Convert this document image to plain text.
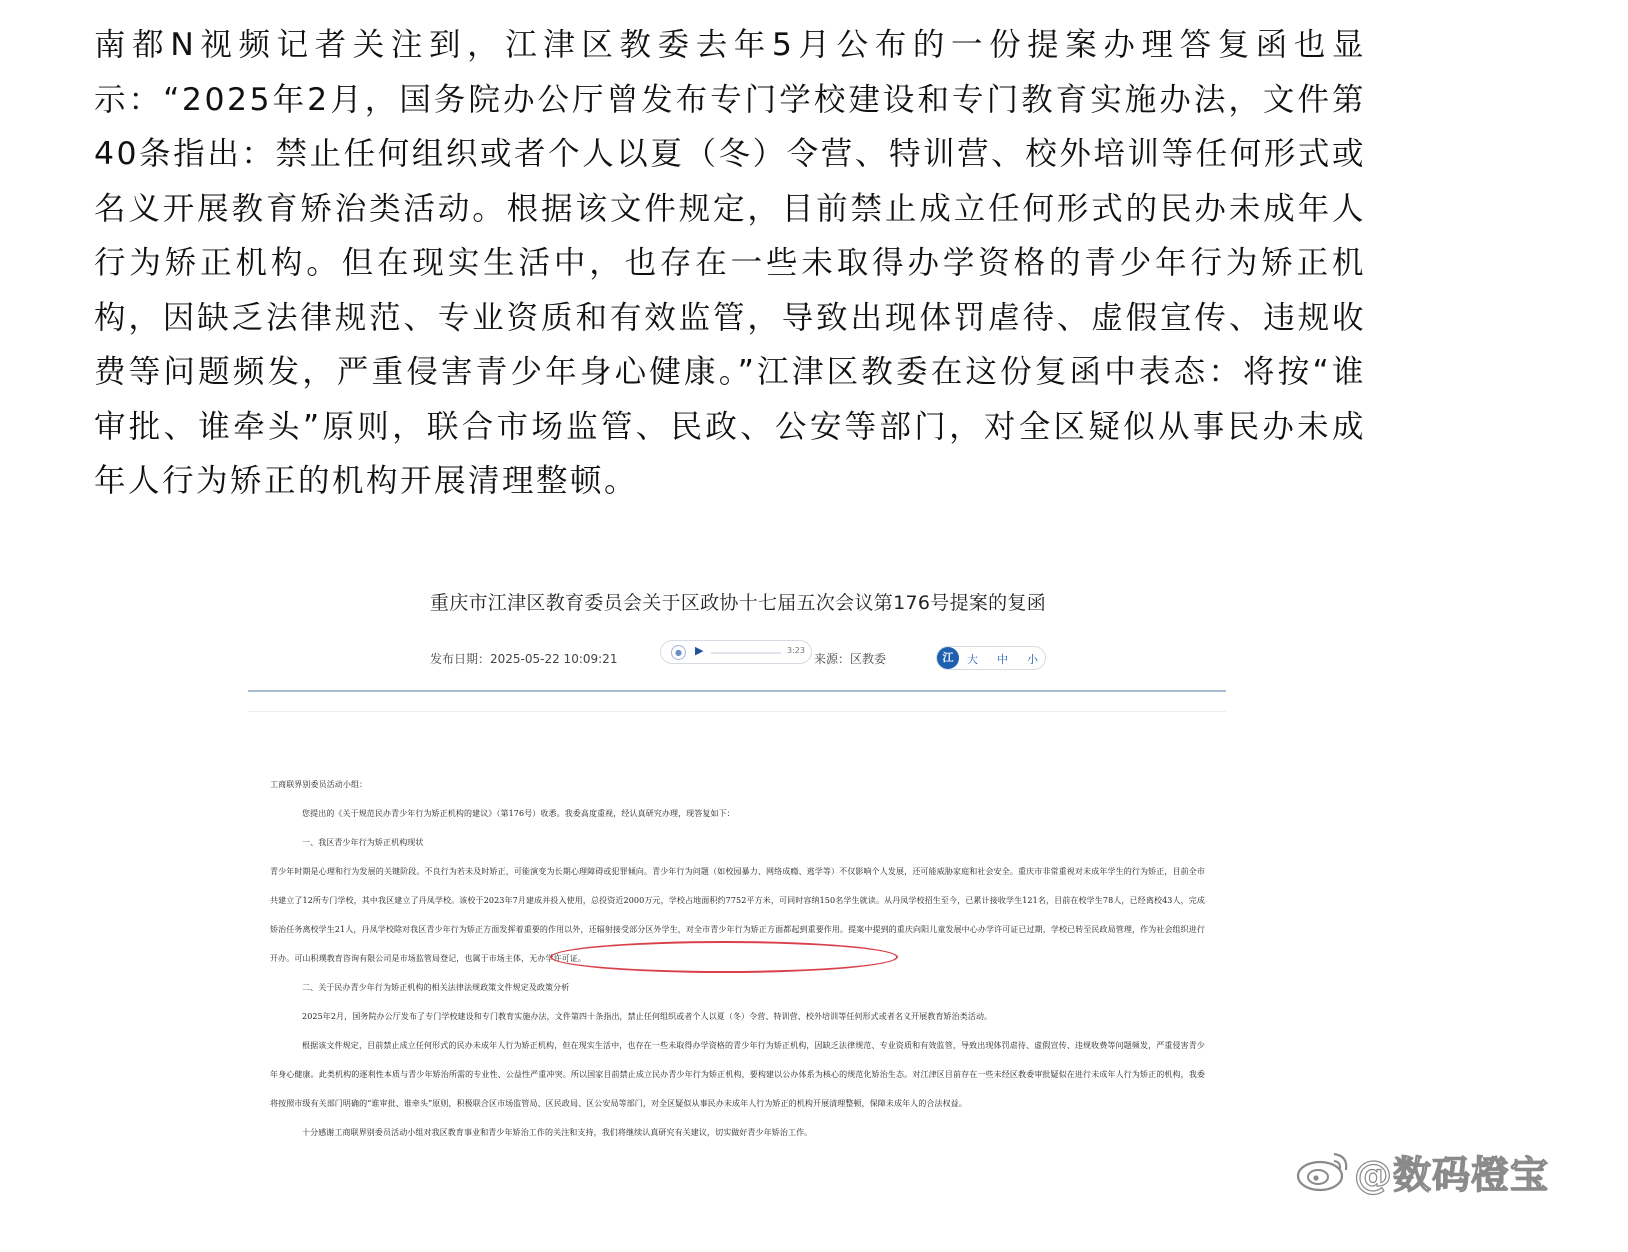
南都N视频记者关注到，江津区教委去年5月公布的一份提案办理答复函也显示：“2025年2月，国务院办公厅曾发布专门学校建设和专门教育实施办法，文件第40条指出：禁止任何组织或者个人以夏（冬）令营、特训营、校外培训等任何形式或名义开展教育矫治类活动。根据该文件规定，目前禁止成立任何形式的民办未成年人行为矫正机构。但在现实生活中，也存在一些未取得办学资格的青少年行为矫正机构，因缺乏法律规范、专业资质和有效监管，导致出现体罚虐待、虚假宣传、违规收费等问题频发，严重侵害青少年身心健康。”江津区教委在这份复函中表态：将按“谁审批、谁牵头”原则，联合市场监管、民政、公安等部门，对全区疑似从事民办未成年人行为矫正的机构开展清理整顿。

重庆市江津区教育委员会关于区政协十七届五次会议第176号提案的复函
发布日期：2025-05-22 10:09:21	●	▶	3:23
来源：区教委	江	大 中 小

工商联界别委员活动小组：

您提出的《关于规范民办青少年行为矫正机构的建议》（第176号）收悉。我委高度重视，经认真研究办理，现答复如下：

一、我区青少年行为矫正机构现状

青少年时期是心理和行为发展的关键阶段。不良行为若未及时矫正，可能演变为长期心理障碍或犯罪倾向。青少年行为问题（如校园暴力、网络成瘾、逃学等）不仅影响个人发展，还可能威胁家庭和社会安全。重庆市非常重视对未成年学生的行为矫正，目前全市共建立了12所专门学校，其中我区建立了丹凤学校。该校于2023年7月建成并投入使用，总投资近2000万元，学校占地面积约7752平方米，可同时容纳150名学生就读。从丹凤学校招生至今，已累计接收学生121名，目前在校学生78人，已经离校43人，完成矫治任务离校学生21人，丹凤学校除对我区青少年行为矫正方面发挥着重要的作用以外，还辐射接受部分区外学生，对全市青少年行为矫正方面都起到重要作用。提案中提到的重庆向阳儿童发展中心办学许可证已过期，学校已转至民政局管理，作为社会组织进行开办。可山积璞教育咨询有限公司是市场监管局登记，也属于市场主体，无办学许可证。

二、关于民办青少年行为矫正机构的相关法律法规政策文件规定及政策分析

2025年2月，国务院办公厅发布了专门学校建设和专门教育实施办法，文件第四十条指出，禁止任何组织或者个人以夏（冬）令营、特训营、校外培训等任何形式或者名义开展教育矫治类活动。

根据该文件规定，目前禁止成立任何形式的民办未成年人行为矫正机构，但在现实生活中，也存在一些未取得办学资格的青少年行为矫正机构，因缺乏法律规范、专业资质和有效监管，导致出现体罚虐待、虚假宣传、违规收费等问题频发，严重侵害青少年身心健康。此类机构的逐利性本质与青少年矫治所需的专业性、公益性严重冲突。所以国家目前禁止成立民办青少年行为矫正机构，要构建以公办体系为核心的规范化矫治生态。对江津区目前存在一些未经区教委审批疑似在进行未成年人行为矫正的机构，我委将按照市级有关部门明确的“谁审批、谁牵头”原则，积极联合区市场监管局、区民政局、区公安局等部门，对全区疑似从事民办未成年人行为矫正的机构开展清理整顿，保障未成年人的合法权益。

十分感谢工商联界别委员活动小组对我区教育事业和青少年矫治工作的关注和支持，我们将继续认真研究有关建议，切实做好青少年矫治工作。

@数码橙宝
